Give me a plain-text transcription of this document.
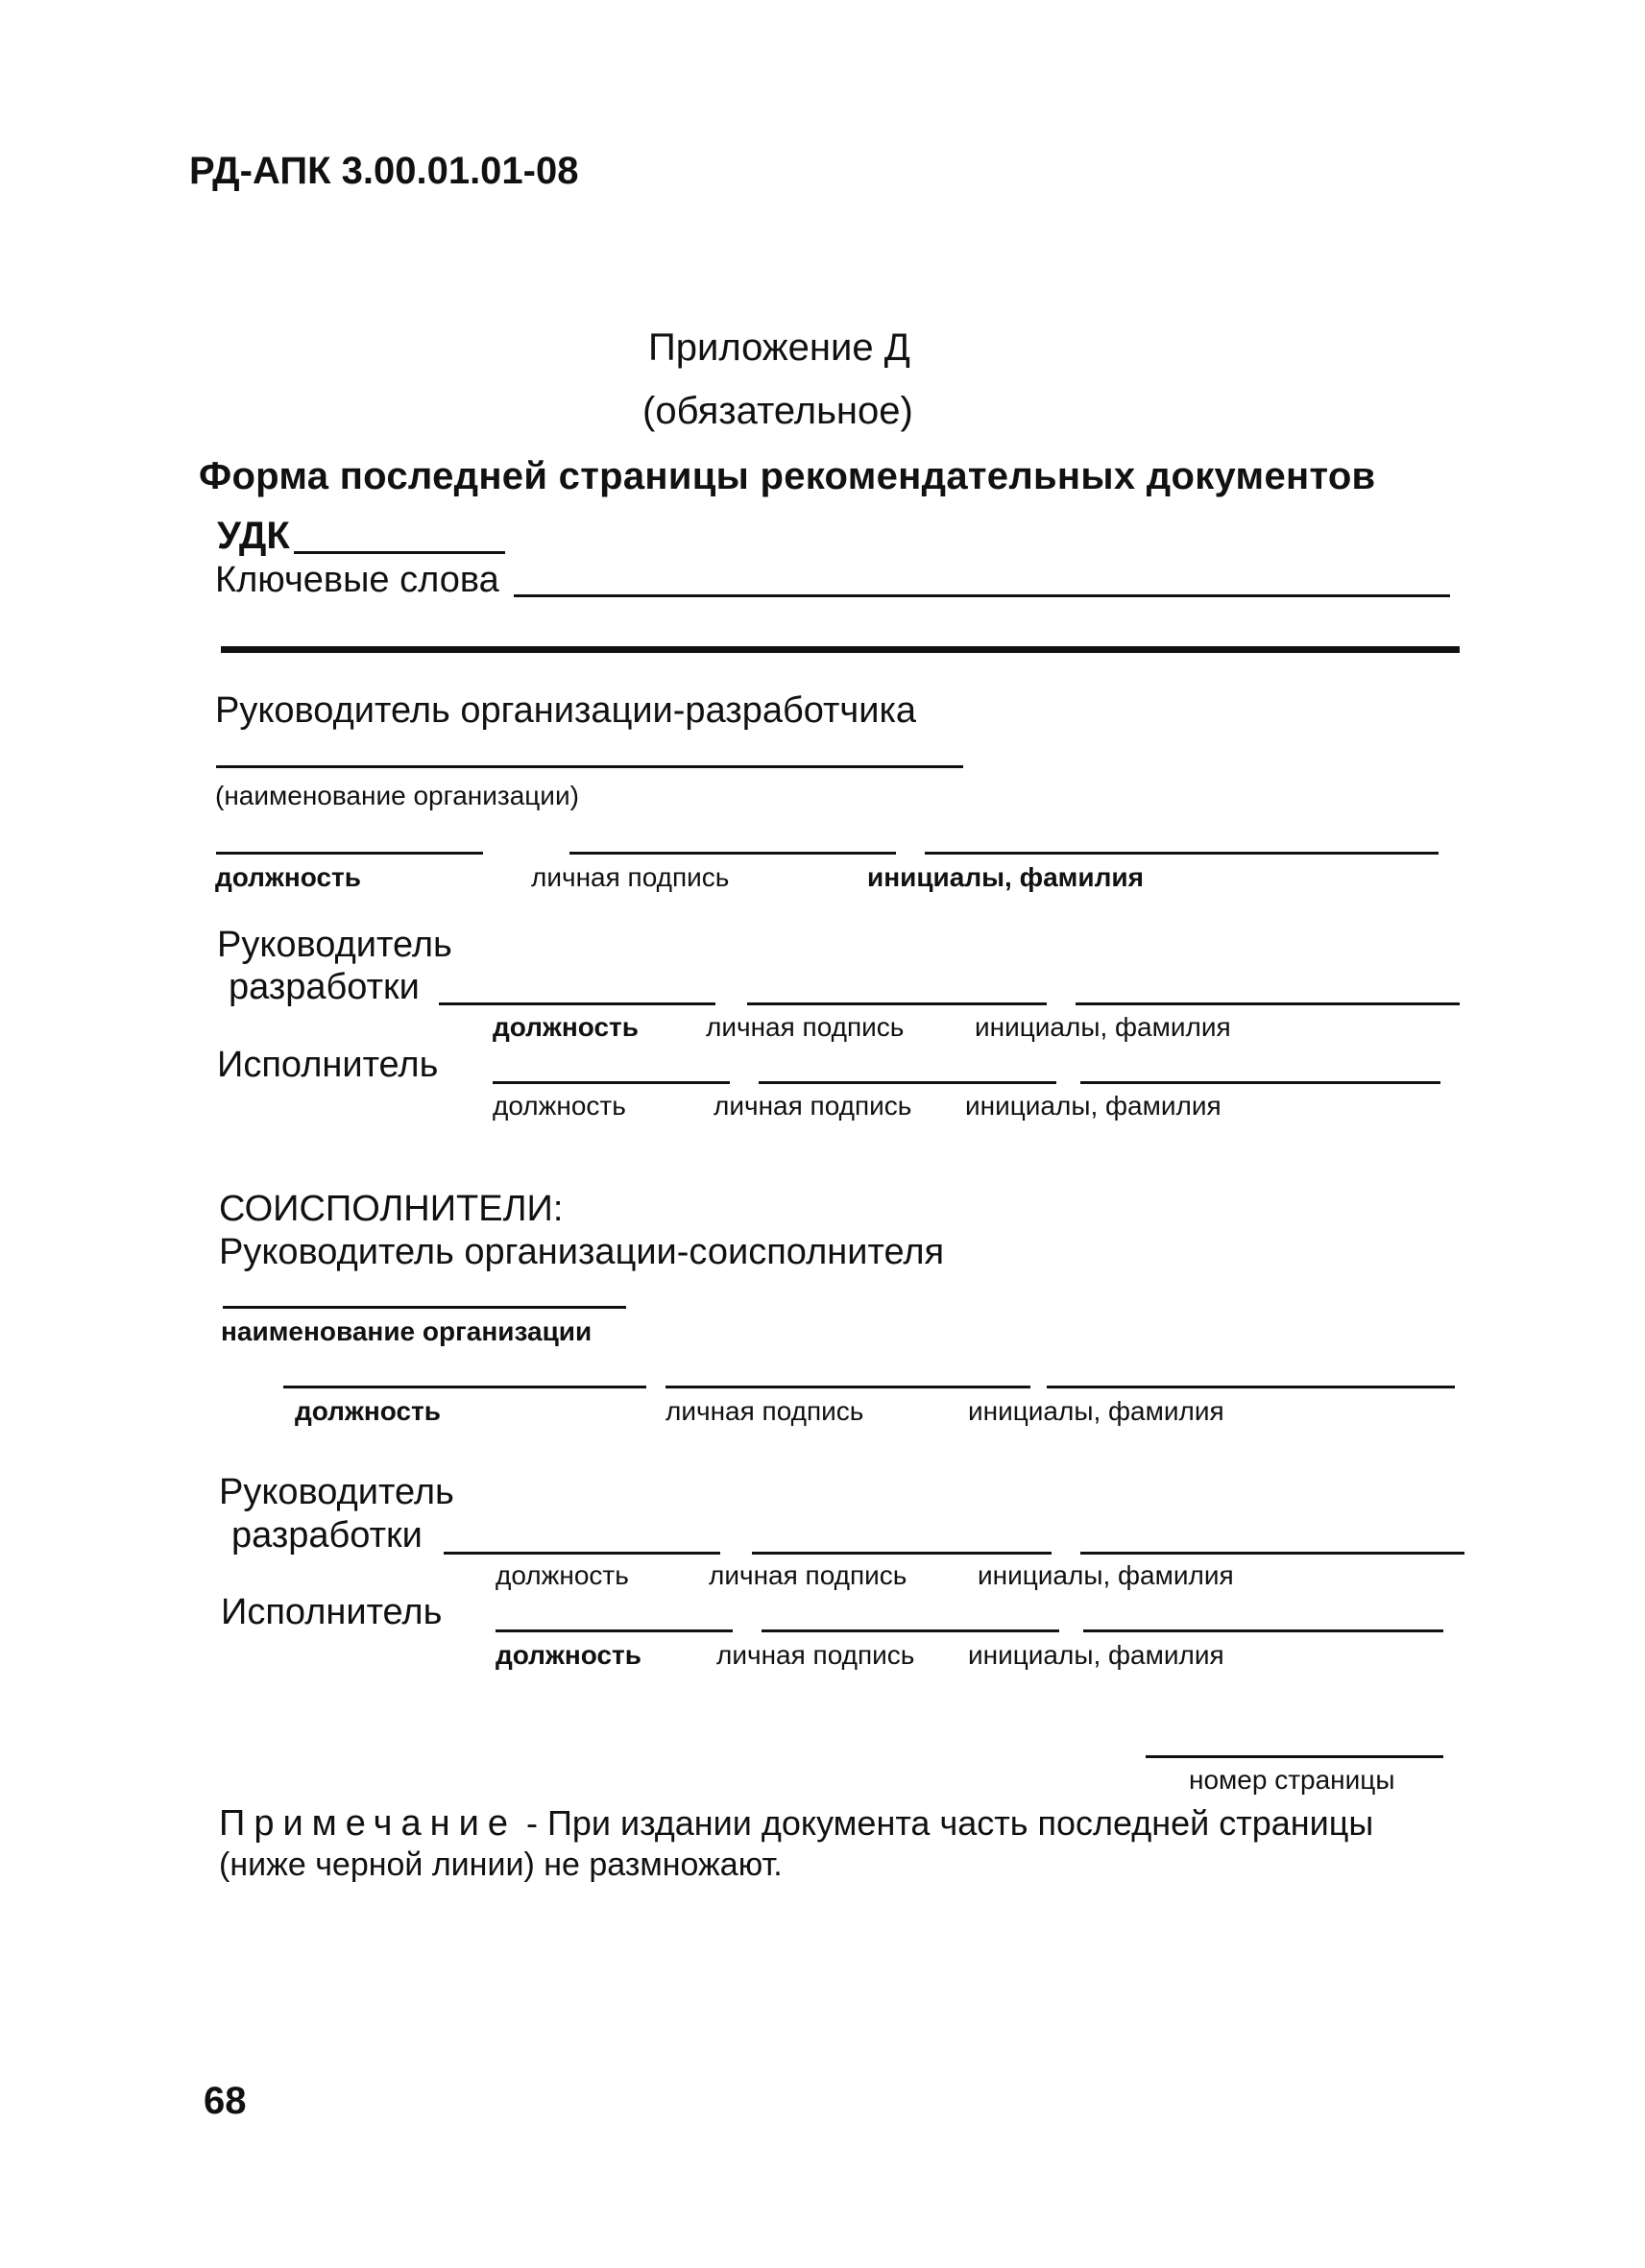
РД-АПК 3.00.01.01-08
Приложение Д
(обязательное)
Форма последней страницы рекомендательных документов
УДК
Ключевые слова
Руководитель организации-разработчика
(наименование организации)
должность	личная подпись	инициалы, фамилия
Руководитель
разработки
должность	личная подпись	инициалы, фамилия
Исполнитель
должность	личная подпись инициалы, фамилия
СОИСПОЛНИТЕЛИ:
Руководитель организации-соисполнителя
наименование организации
должность	личная подпись	инициалы, фамилия
Руководитель
разработки
должность	личная подпись	инициалы, фамилия
Исполнитель
должность	личная подпись инициалы, фамилия
номер страницы
Примечание - При издании документа часть последней страницы
(ниже черной линии) не размножают.
68
